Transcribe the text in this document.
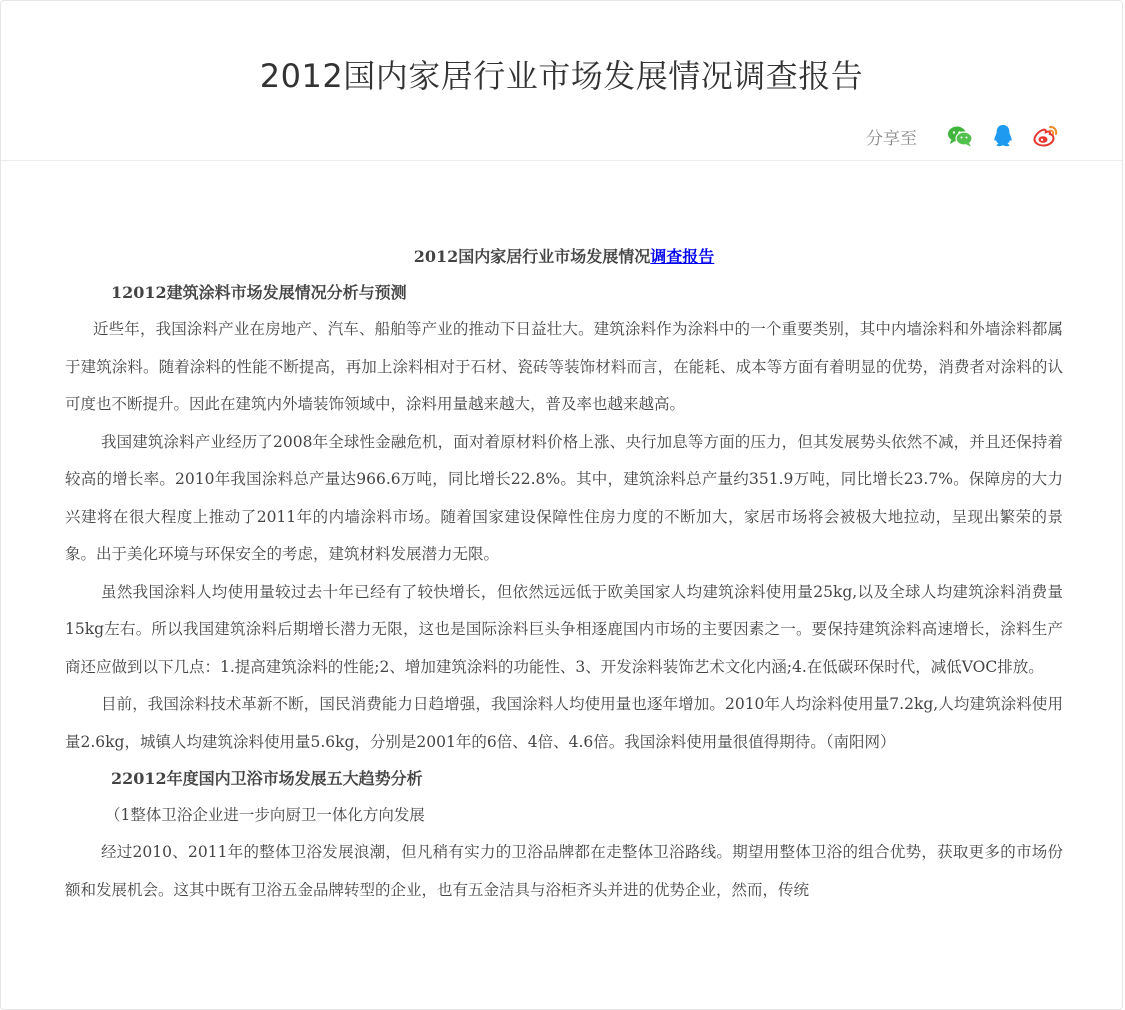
2012国内家居行业市场发展情况调查报告
分享至
2012国内家居行业市场发展情况调查报告
12012建筑涂料市场发展情况分析与预测

近些年，我国涂料产业在房地产、汽车、船舶等产业的推动下日益壮大。建筑涂料作为涂料中的一个重要类别，其中内墙涂料和外墙涂料都属于建筑涂料。随着涂料的性能不断提高，再加上涂料相对于石材、瓷砖等装饰材料而言，在能耗、成本等方面有着明显的优势，消费者对涂料的认可度也不断提升。因此在建筑内外墙装饰领域中，涂料用量越来越大，普及率也越来越高。

我国建筑涂料产业经历了2008年全球性金融危机，面对着原材料价格上涨、央行加息等方面的压力，但其发展势头依然不减，并且还保持着较高的增长率。2010年我国涂料总产量达966.6万吨，同比增长22.8%。其中，建筑涂料总产量约351.9万吨，同比增长23.7%。保障房的大力兴建将在很大程度上推动了2011年的内墙涂料市场。随着国家建设保障性住房力度的不断加大，家居市场将会被极大地拉动，呈现出繁荣的景象。出于美化环境与环保安全的考虑，建筑材料发展潜力无限。

虽然我国涂料人均使用量较过去十年已经有了较快增长，但依然远远低于欧美国家人均建筑涂料使用量25kg,以及全球人均建筑涂料消费量15kg左右。所以我国建筑涂料后期增长潜力无限，这也是国际涂料巨头争相逐鹿国内市场的主要因素之一。要保持建筑涂料高速增长，涂料生产商还应做到以下几点：1.提高建筑涂料的性能;2、增加建筑涂料的功能性、3、开发涂料装饰艺术文化内涵;4.在低碳环保时代，减低VOC排放。

目前，我国涂料技术革新不断，国民消费能力日趋增强，我国涂料人均使用量也逐年增加。2010年人均涂料使用量7.2kg,人均建筑涂料使用量2.6kg，城镇人均建筑涂料使用量5.6kg，分别是2001年的6倍、4倍、4.6倍。我国涂料使用量很值得期待。（南阳网）

22012年度国内卫浴市场发展五大趋势分析
（1整体卫浴企业进一步向厨卫一体化方向发展

经过2010、2011年的整体卫浴发展浪潮，但凡稍有实力的卫浴品牌都在走整体卫浴路线。期望用整体卫浴的组合优势，获取更多的市场份额和发展机会。这其中既有卫浴五金品牌转型的企业，也有五金洁具与浴柜齐头并进的优势企业，然而，传统
